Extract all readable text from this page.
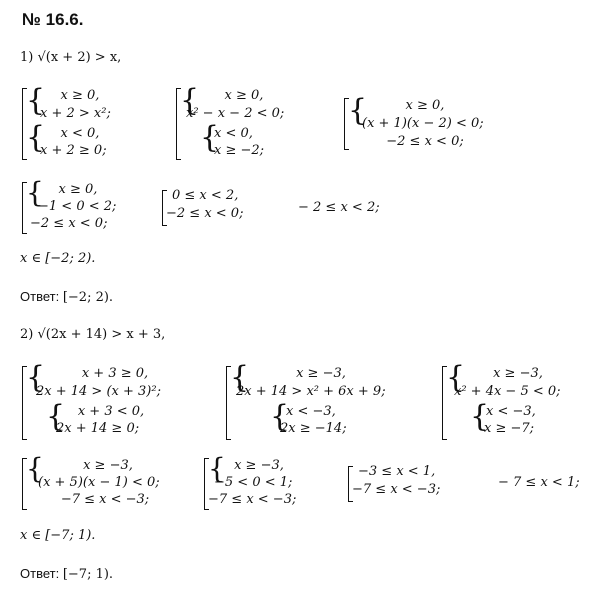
№ 16.6.
1) √(x + 2) > x,
{	x ≥ 0,
x + 2 > x²;
{	x < 0,
x + 2 ≥ 0;
{	x ≥ 0,
x² − x − 2 < 0;
{
x < 0,
x ≥ −2;
{	x ≥ 0,
(x + 1)(x − 2) < 0;
−2 ≤ x < 0;
{	x ≥ 0,
−1 < 0 < 2;
−2 ≤ x < 0;
0 ≤ x < 2,
−2 ≤ x < 0;	− 2 ≤ x < 2;
x ∈ [−2; 2).
Ответ: [−2; 2).
2) √(2x + 14) > x + 3,
{	x + 3 ≥ 0,
2x + 14 > (x + 3)²;
{ x + 3 < 0,
2x + 14 ≥ 0;
{	x ≥ −3,
2x + 14 > x² + 6x + 9;
{
x < −3,
2x ≥ −14;
{	x ≥ −3,
x² + 4x − 5 < 0;
{
x < −3,
x ≥ −7;
{	x ≥ −3,
(x + 5)(x − 1) < 0;
−7 ≤ x < −3;
{ x ≥ −3,
−5 < 0 < 1;
−7 ≤ x < −3;
−3 ≤ x < 1,
−7 ≤ x < −3;	− 7 ≤ x < 1;
x ∈ [−7; 1).
Ответ: [−7; 1).
